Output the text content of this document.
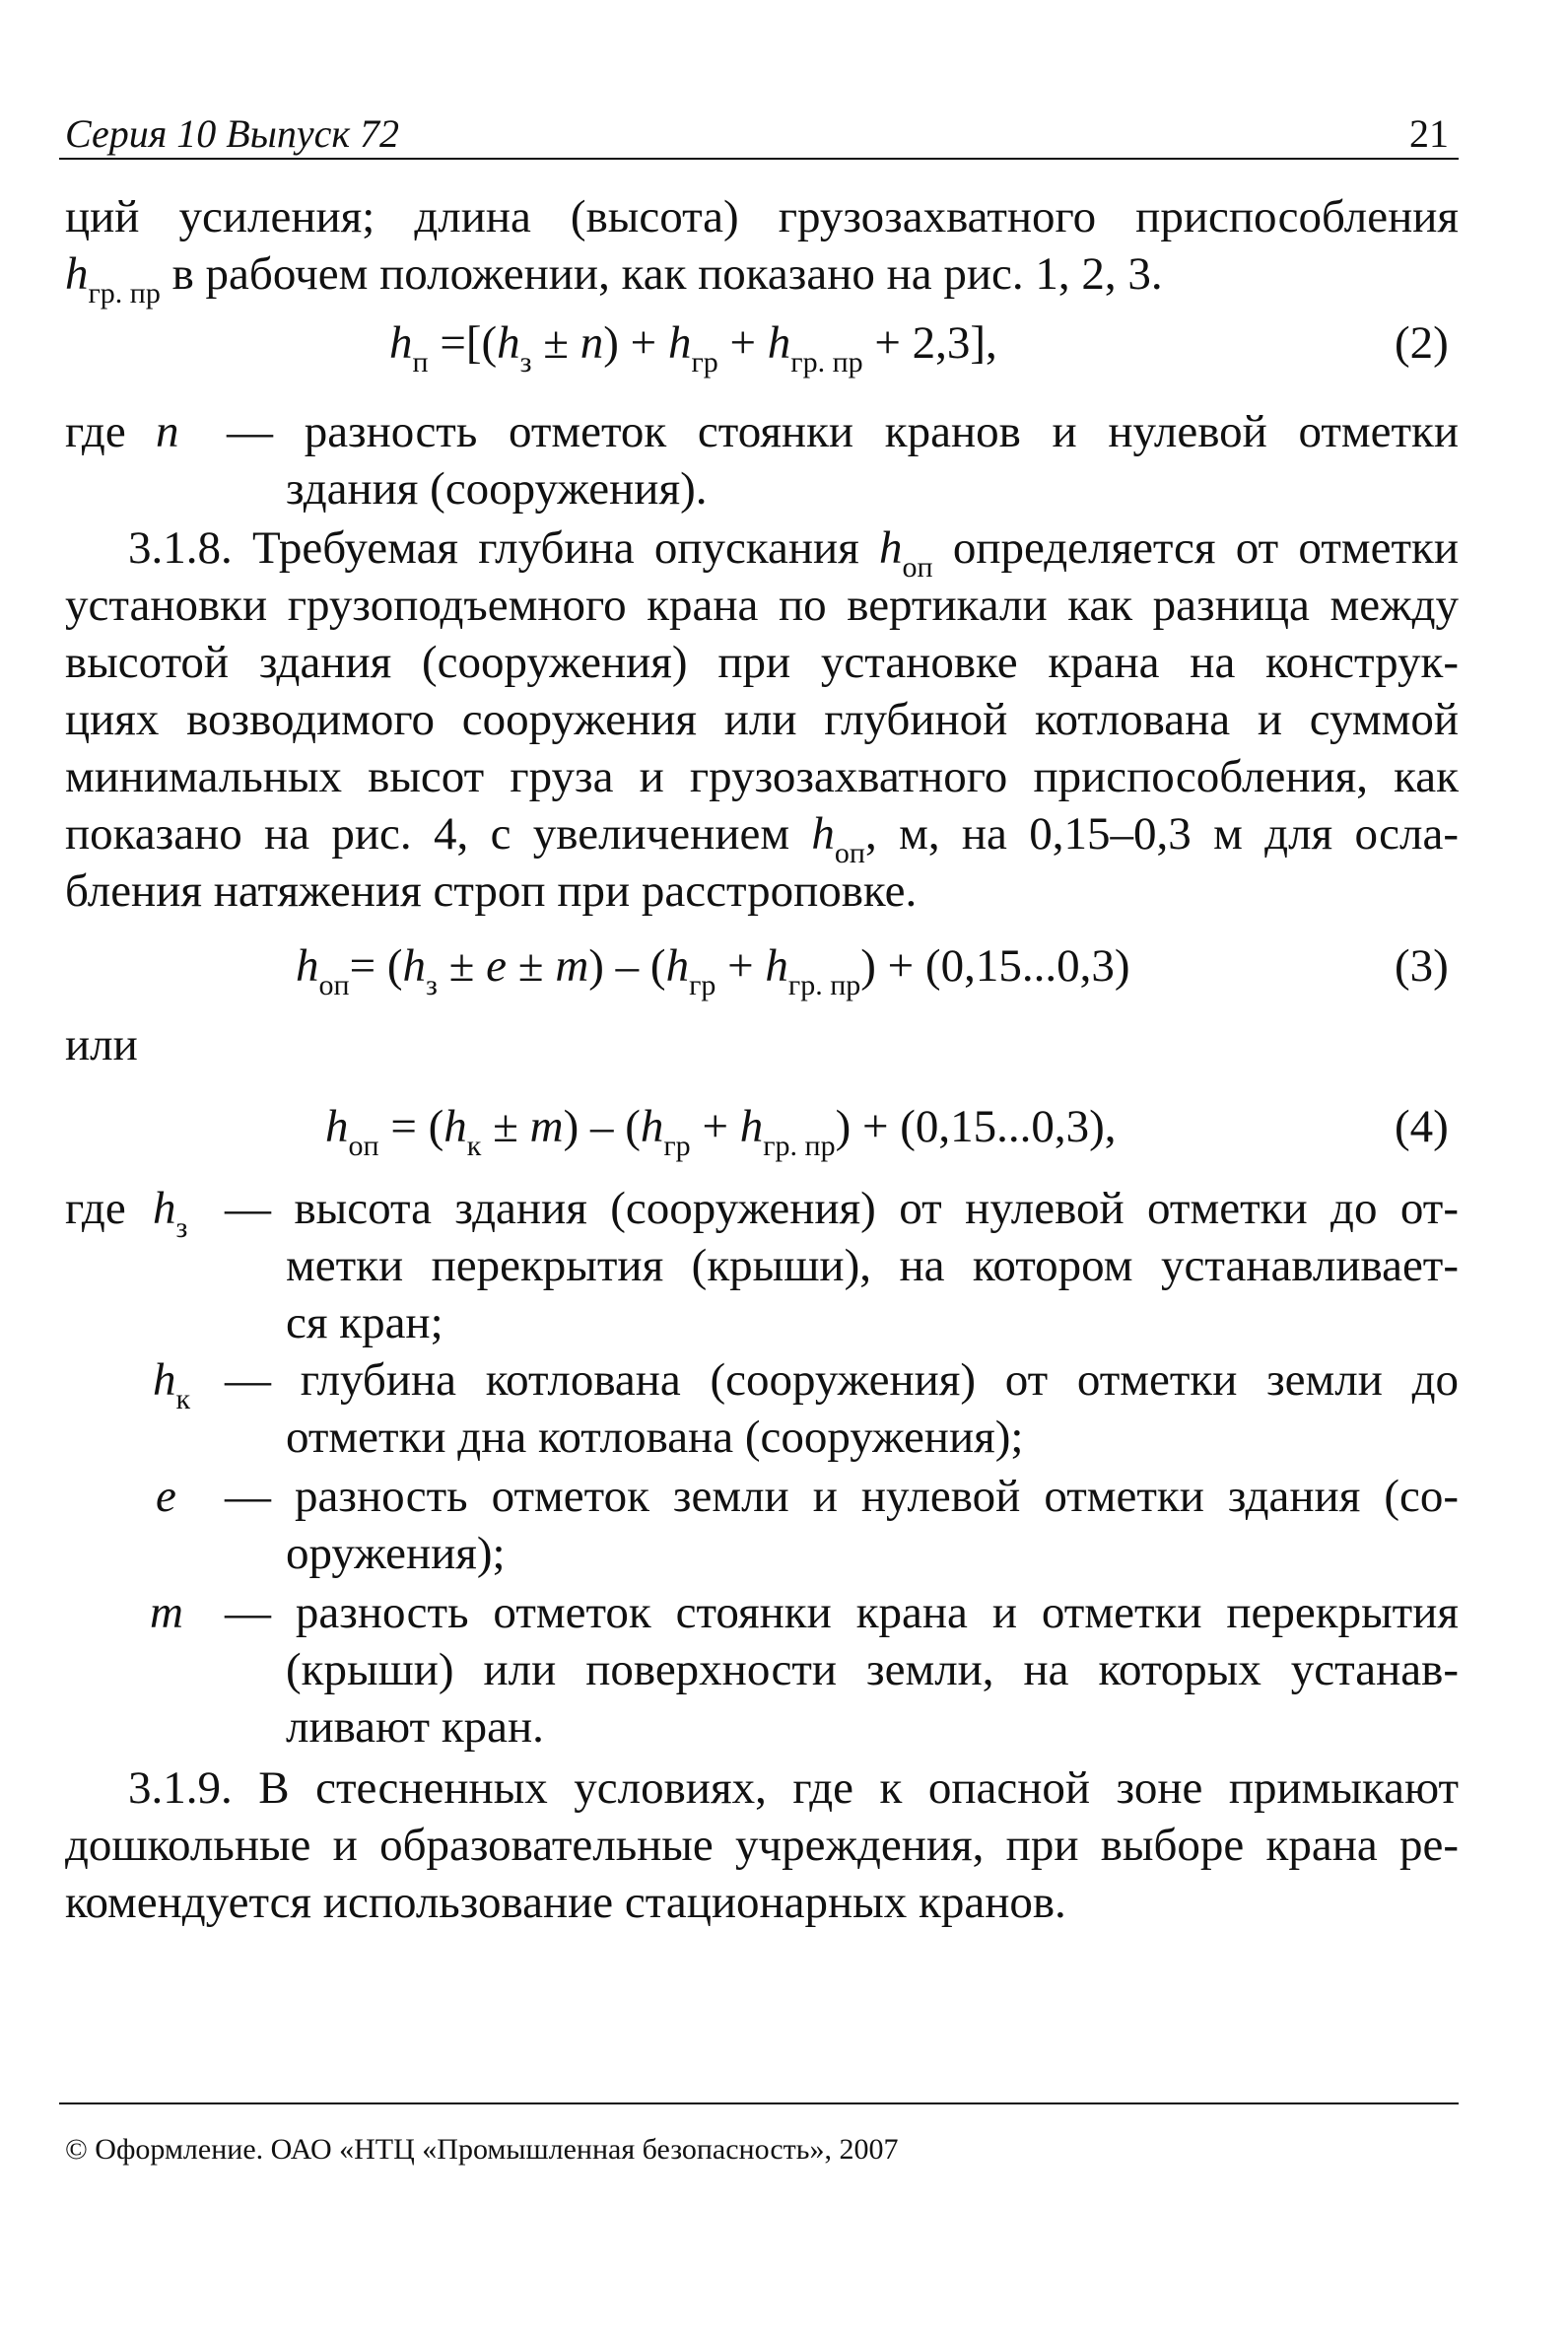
Серия 10 Выпуск 72	21
ций усиления; длина (высота) грузозахватного приспособления
$h_{гр. пр}$ в рабочем положении, как показано на рис. 1, 2, 3.
$h_п =[(h_з \pm n) + h_{гр} + h_{гр. пр} + 2,3]$,	(2)
где n — разность отметок стоянки кранов и нулевой отметки
здания (сооружения).
3.1.8. Требуемая глубина опускания $h_{оп}$ определяется от отметки
установки грузоподъемного крана по вертикали как разница между
высотой здания (сооружения) при установке крана на конструк-
циях возводимого сооружения или глубиной котлована и суммой
минимальных высот груза и грузозахватного приспособления, как
показано на рис. 4, с увеличением $h_{оп}$, м, на 0,15–0,3 м для осла-
бления натяжения строп при расстроповке.
$h_{оп}= (h_з \pm e \pm m) - (h_{гр} + h_{гр. пр}) + (0,15...0,3)$	(3)
или
$h_{оп} = (h_к \pm m) - (h_{гр} + h_{гр. пр}) + (0,15...0,3)$,	(4)
где $h_з$ — высота здания (сооружения) от нулевой отметки до от-
метки перекрытия (крыши), на котором устанавливает-
ся кран;
$h_к$ — глубина котлована (сооружения) от отметки земли до
отметки дна котлована (сооружения);
e — разность отметок земли и нулевой отметки здания (со-
оружения);
m — разность отметок стоянки крана и отметки перекрытия
(крыши) или поверхности земли, на которых устанав-
ливают кран.
3.1.9. В стесненных условиях, где к опасной зоне примыкают
дошкольные и образовательные учреждения, при выборе крана ре-
комендуется использование стационарных кранов.
© Оформление. ОАО «НТЦ «Промышленная безопасность», 2007
